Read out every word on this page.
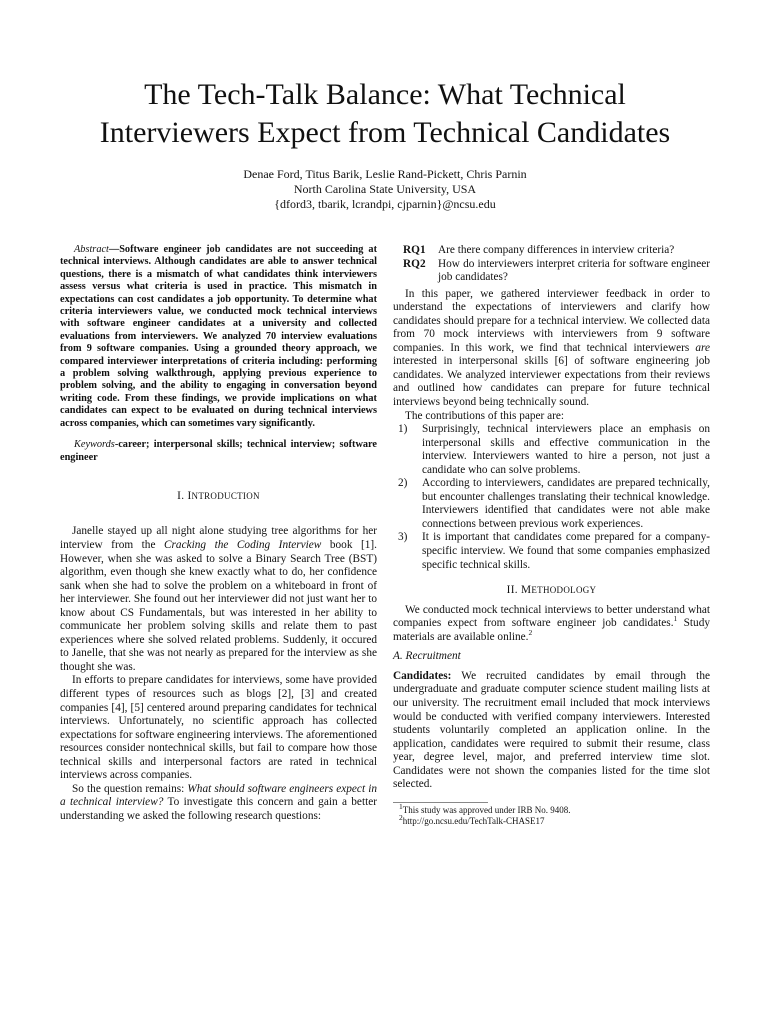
The Tech-Talk Balance: What Technical
Interviewers Expect from Technical Candidates
Denae Ford, Titus Barik, Leslie Rand-Pickett, Chris Parnin
North Carolina State University, USA
{dford3, tbarik, lcrandpi, cjparnin}@ncsu.edu

Abstract—Software engineer job candidates are not succeeding at technical interviews. Although candidates are able to answer technical questions, there is a mismatch of what candidates think interviewers assess versus what criteria is used in practice. This mismatch in expectations can cost candidates a job opportunity. To determine what criteria interviewers value, we conducted mock technical interviews with software engineer candidates at a university and collected evaluations from interviewers. We analyzed 70 interview evaluations from 9 software companies. Using a grounded theory approach, we compared interviewer interpretations of criteria including: performing a problem solving walkthrough, applying previous experience to problem solving, and the ability to engaging in conversation beyond writing code. From these findings, we provide implications on what candidates can expect to be evaluated on during technical interviews across companies, which can sometimes vary significantly.

Keywords-career; interpersonal skills; technical interview; software engineer

I. INTRODUCTION

Janelle stayed up all night alone studying tree algorithms for her interview from the Cracking the Coding Interview book [1]. However, when she was asked to solve a Binary Search Tree (BST) algorithm, even though she knew exactly what to do, her confidence sank when she had to solve the problem on a whiteboard in front of her interviewer. She found out her interviewer did not just want her to know about CS Fundamentals, but was interested in her ability to communicate her problem solving skills and relate them to past experiences where she solved related problems. Suddenly, it occured to Janelle, that she was not nearly as prepared for the interview as she thought she was.

In efforts to prepare candidates for interviews, some have provided different types of resources such as blogs [2], [3] and created companies [4], [5] centered around preparing candidates for technical interviews. Unfortunately, no scientific approach has collected expectations for software engineering interviews. The aforementioned resources consider nontechnical skills, but fail to compare how those technical skills and interpersonal factors are rated in technical interviews across companies.

So the question remains: What should software engineers expect in a technical interview? To investigate this concern and gain a better understanding we asked the following research questions:

RQ1	Are there company differences in interview criteria?
RQ2	How do interviewers interpret criteria for software engineer job candidates?

In this paper, we gathered interviewer feedback in order to understand the expectations of interviewers and clarify how candidates should prepare for a technical interview. We collected data from 70 mock interviews with interviewers from 9 software companies. In this work, we find that technical interviewers are interested in interpersonal skills [6] of software engineering job candidates. We analyzed interviewer expectations from their reviews and outlined how candidates can prepare for future technical interviews beyond being technically sound.

The contributions of this paper are:

1)	Surprisingly, technical interviewers place an emphasis on interpersonal skills and effective communication in the interview. Interviewers wanted to hire a person, not just a candidate who can solve problems.
2)	According to interviewers, candidates are prepared technically, but encounter challenges translating their technical knowledge. Interviewers identified that candidates were not able make connections between previous work experiences.
3)	It is important that candidates come prepared for a company-specific interview. We found that some companies emphasized specific technical skills.
II. METHODOLOGY

We conducted mock technical interviews to better understand what companies expect from software engineer job candidates.$^1$ Study materials are available online.$^2$

A. Recruitment

Candidates: We recruited candidates by email through the undergraduate and graduate computer science student mailing lists at our university. The recruitment email included that mock interviews would be conducted with verified company interviewers. Interested students voluntarily completed an application online. In the application, candidates were required to submit their resume, class year, degree level, major, and preferred interview time slot. Candidates were not shown the companies listed for the time slot selected.

$^1$This study was approved under IRB No. 9408.

$^2$http://go.ncsu.edu/TechTalk-CHASE17
